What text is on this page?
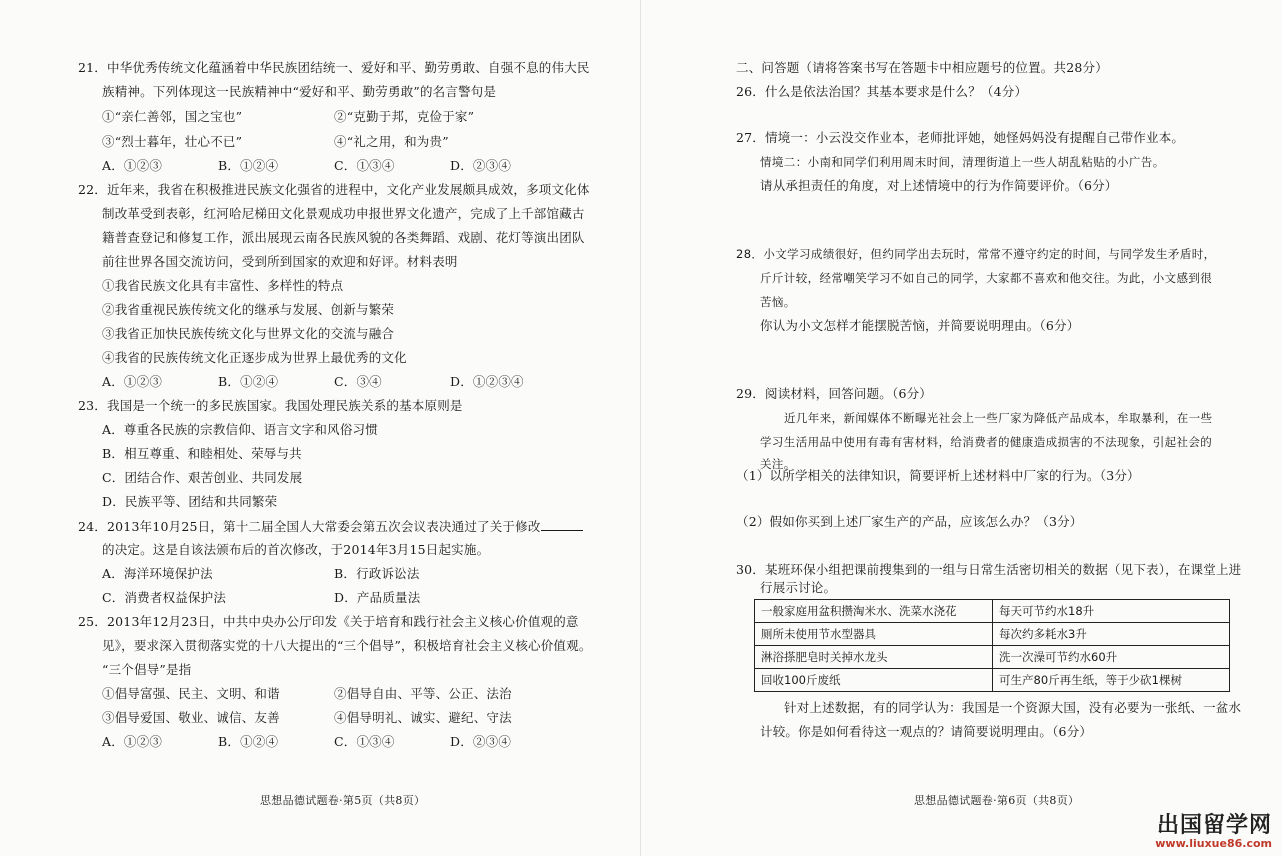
21．中华优秀传统文化蕴涵着中华民族团结统一、爱好和平、勤劳勇敢、自强不息的伟大民
族精神。下列体现这一民族精神中“爱好和平、勤劳勇敢”的名言警句是
①“亲仁善邻，国之宝也”	②“克勤于邦，克俭于家”
③“烈士暮年，壮心不已”	④“礼之用，和为贵”
A．①②③	B．①②④	C．①③④	D．②③④
22．近年来，我省在积极推进民族文化强省的进程中，文化产业发展颇具成效，多项文化体
制改革受到表彰，红河哈尼梯田文化景观成功申报世界文化遗产，完成了上千部馆藏古
籍普查登记和修复工作，派出展现云南各民族风貌的各类舞蹈、戏剧、花灯等演出团队
前往世界各国交流访问，受到所到国家的欢迎和好评。材料表明
①我省民族文化具有丰富性、多样性的特点
②我省重视民族传统文化的继承与发展、创新与繁荣
③我省正加快民族传统文化与世界文化的交流与融合
④我省的民族传统文化正逐步成为世界上最优秀的文化
A．①②③	B．①②④	C．③④	D．①②③④
23．我国是一个统一的多民族国家。我国处理民族关系的基本原则是
A．尊重各民族的宗教信仰、语言文字和风俗习惯
B．相互尊重、和睦相处、荣辱与共
C．团结合作、艰苦创业、共同发展
D．民族平等、团结和共同繁荣
24．2013年10月25日，第十二届全国人大常委会第五次会议表决通过了关于修改
的决定。这是自该法颁布后的首次修改，于2014年3月15日起实施。
A．海洋环境保护法	B．行政诉讼法
C．消费者权益保护法	D．产品质量法
25．2013年12月23日，中共中央办公厅印发《关于培育和践行社会主义核心价值观的意
见》，要求深入贯彻落实党的十八大提出的“三个倡导”，积极培育社会主义核心价值观。
“三个倡导”是指
①倡导富强、民主、文明、和谐	②倡导自由、平等、公正、法治
③倡导爱国、敬业、诚信、友善	④倡导明礼、诚实、避纪、守法
A．①②③	B．①②④	C．①③④	D．②③④
思想品德试题卷·第5页（共8页）
二、问答题（请将答案书写在答题卡中相应题号的位置。共28分）
26．什么是依法治国？其基本要求是什么？（4分）
27．情境一：小云没交作业本，老师批评她，她怪妈妈没有提醒自己带作业本。
情境二：小南和同学们利用周末时间，清理街道上一些人胡乱粘贴的小广告。
请从承担责任的角度，对上述情境中的行为作简要评价。（6分）
28．小文学习成绩很好，但约同学出去玩时，常常不遵守约定的时间，与同学发生矛盾时，
斤斤计较，经常嘲笑学习不如自己的同学，大家都不喜欢和他交往。为此，小文感到很
苦恼。
你认为小文怎样才能摆脱苦恼，并简要说明理由。（6分）
29．阅读材料，回答问题。（6分）
近几年来，新闻媒体不断曝光社会上一些厂家为降低产品成本，牟取暴利，在一些
学习生活用品中使用有毒有害材料，给消费者的健康造成损害的不法现象，引起社会的
关注。
（1）以所学相关的法律知识，简要评析上述材料中厂家的行为。（3分）
（2）假如你买到上述厂家生产的产品，应该怎么办？（3分）
30．某班环保小组把课前搜集到的一组与日常生活密切相关的数据（见下表），在课堂上进
行展示讨论。
一般家庭用盆积攒淘米水、洗菜水浇花	每天可节约水18升
厕所未使用节水型器具	每次约多耗水3升
淋浴搽肥皂时关掉水龙头	洗一次澡可节约水60升
回收100斤废纸	可生产80斤再生纸，等于少砍1棵树
针对上述数据，有的同学认为：我国是一个资源大国，没有必要为一张纸、一盆水
计较。你是如何看待这一观点的？请简要说明理由。（6分）
思想品德试题卷·第6页（共8页）
出国留学网
www.liuxue86.com
